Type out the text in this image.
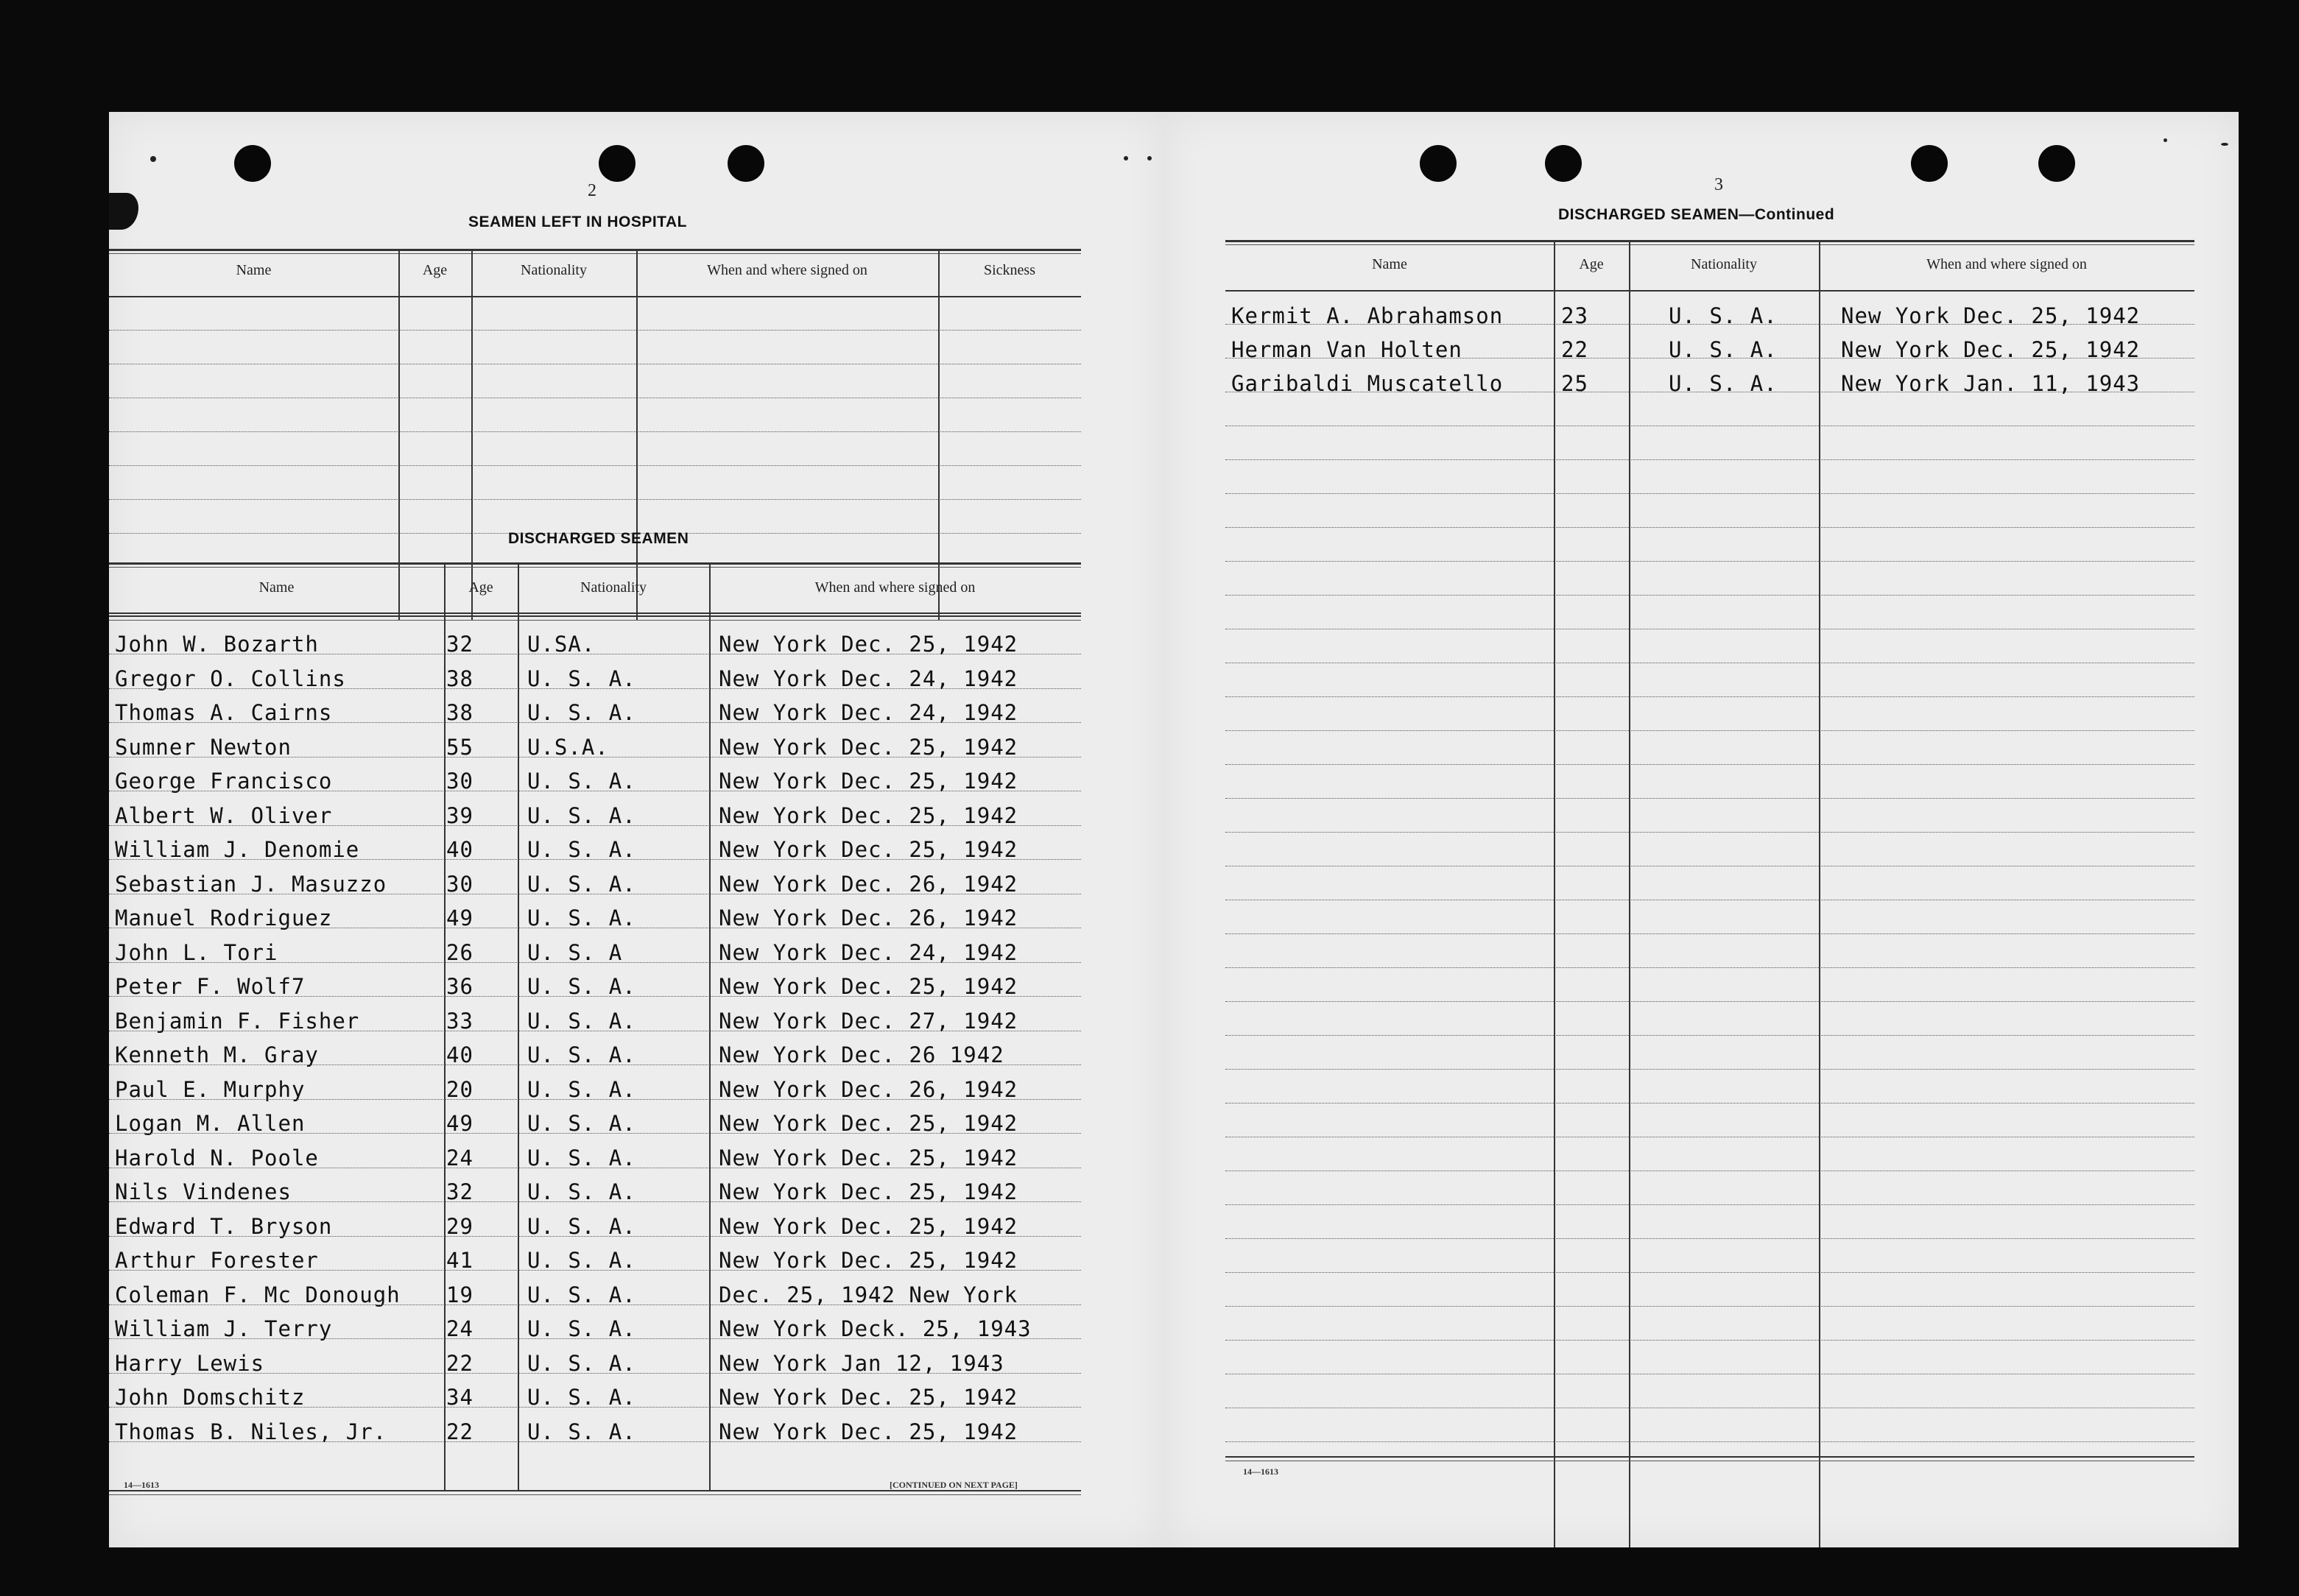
2
SEAMEN LEFT IN HOSPITAL
Name	Age	Nationality	When and where signed on	Sickness
DISCHARGED SEAMEN
Name	Age	Nationality	When and where signed on
John W. Bozarth	32	U.SA.	New York Dec. 25, 1942
Gregor O. Collins	38	U. S. A.	New York Dec. 24, 1942
Thomas A. Cairns	38	U. S. A.	New York Dec. 24, 1942
Sumner Newton	55	U.S.A.	New York Dec. 25, 1942
George Francisco	30	U. S. A.	New York Dec. 25, 1942
Albert W. Oliver	39	U. S. A.	New York Dec. 25, 1942
William J. Denomie	40	U. S. A.	New York Dec. 25, 1942
Sebastian J. Masuzzo	30	U. S. A.	New York Dec. 26, 1942
Manuel Rodriguez	49	U. S. A.	New York Dec. 26, 1942
John L. Tori	26	U. S. A	New York Dec. 24, 1942
Peter F. Wolf7	36	U. S. A.	New York Dec. 25, 1942
Benjamin F. Fisher	33	U. S. A.	New York Dec. 27, 1942
Kenneth M. Gray	40	U. S. A.	New York Dec. 26 1942
Paul E. Murphy	20	U. S. A.	New York Dec. 26, 1942
Logan M. Allen	49	U. S. A.	New York Dec. 25, 1942
Harold N. Poole	24	U. S. A.	New York Dec. 25, 1942
Nils Vindenes	32	U. S. A.	New York Dec. 25, 1942
Edward T. Bryson	29	U. S. A.	New York Dec. 25, 1942
Arthur Forester	41	U. S. A.	New York Dec. 25, 1942
Coleman F. Mc Donough 19	U. S. A.	Dec. 25, 1942 New York
William J. Terry	24	U. S. A.	New York Deck. 25, 1943
Harry Lewis	22	U. S. A.	New York Jan 12, 1943
John Domschitz	34	U. S. A.	New York Dec. 25, 1942
Thomas B. Niles, Jr.	22	U. S. A.	New York Dec. 25, 1942
14—1613	[CONTINUED ON NEXT PAGE]
3
DISCHARGED SEAMEN—Continued
Name	Age	Nationality	When and where signed on
Kermit A. Abrahamson	23	U. S. A.	New York Dec. 25, 1942
Herman Van Holten	22	U. S. A.	New York Dec. 25, 1942
Garibaldi Muscatello	25	U. S. A.	New York Jan. 11, 1943
14—1613
